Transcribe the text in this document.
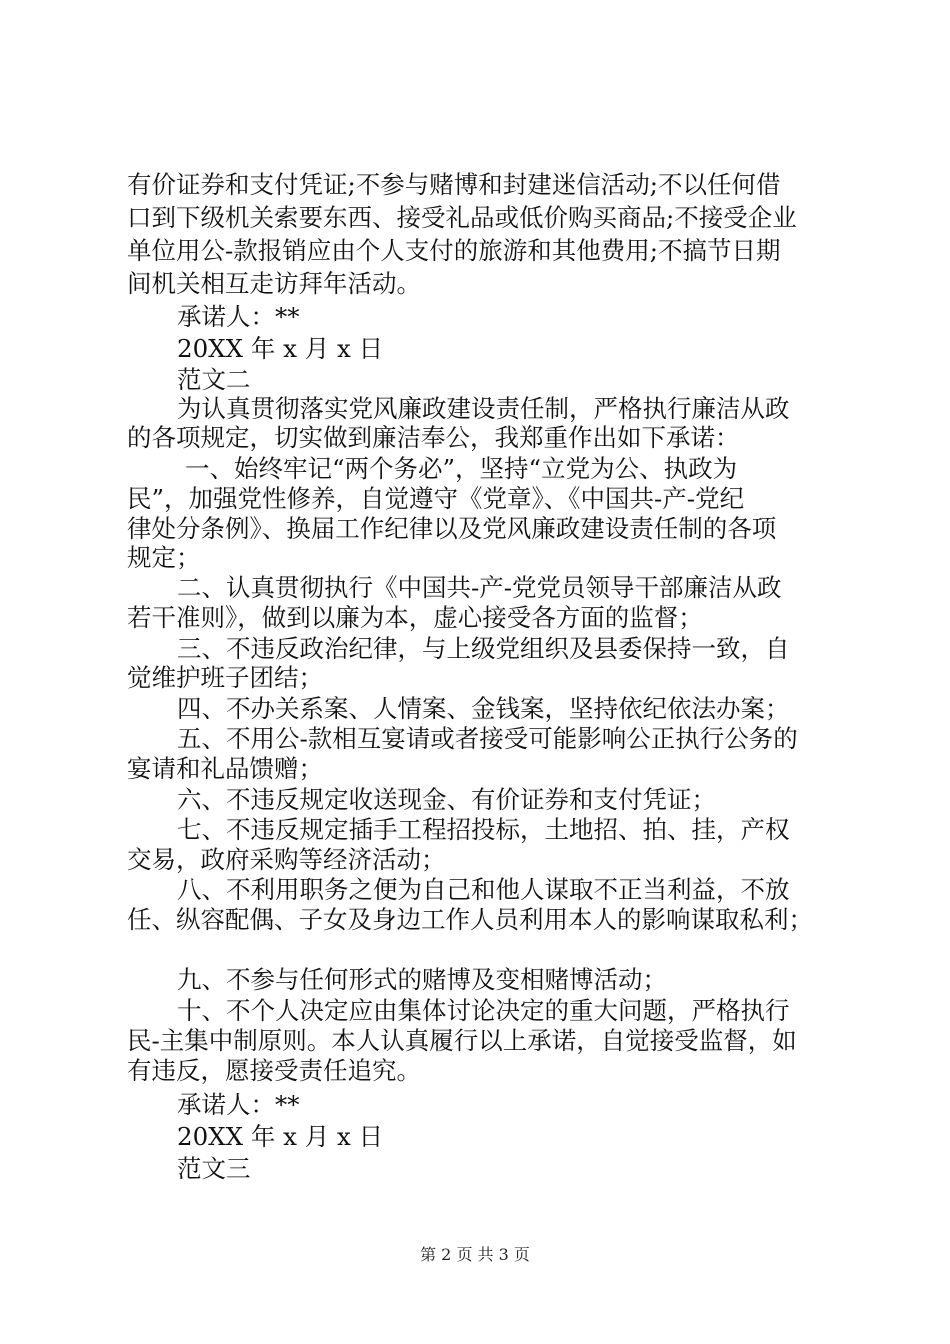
有价证券和支付凭证;不参与赌博和封建迷信活动;不以任何借
口到下级机关索要东西、接受礼品或低价购买商品;不接受企业
单位用公-款报销应由个人支付的旅游和其他费用;不搞节日期
间机关相互走访拜年活动。
承诺人：**
20XX 年 x 月 x 日
范文二
为认真贯彻落实党风廉政建设责任制，严格执行廉洁从政
的各项规定，切实做到廉洁奉公，我郑重作出如下承诺：
一、始终牢记“两个务必”，坚持“立党为公、执政为
民”，加强党性修养，自觉遵守《党章》、《中国共-产-党纪
律处分条例》、换届工作纪律以及党风廉政建设责任制的各项
规定；
二、认真贯彻执行《中国共-产-党党员领导干部廉洁从政
若干准则》，做到以廉为本，虚心接受各方面的监督；
三、不违反政治纪律，与上级党组织及县委保持一致，自
觉维护班子团结；
四、不办关系案、人情案、金钱案，坚持依纪依法办案；
五、不用公-款相互宴请或者接受可能影响公正执行公务的
宴请和礼品馈赠；
六、不违反规定收送现金、有价证券和支付凭证；
七、不违反规定插手工程招投标，土地招、拍、挂，产权
交易，政府采购等经济活动；
八、不利用职务之便为自己和他人谋取不正当利益，不放
任、纵容配偶、子女及身边工作人员利用本人的影响谋取私利；
九、不参与任何形式的赌博及变相赌博活动；
十、不个人决定应由集体讨论决定的重大问题，严格执行
民-主集中制原则。本人认真履行以上承诺，自觉接受监督，如
有违反，愿接受责任追究。
承诺人：**
20XX 年 x 月 x 日
范文三
第 2 页 共 3 页
